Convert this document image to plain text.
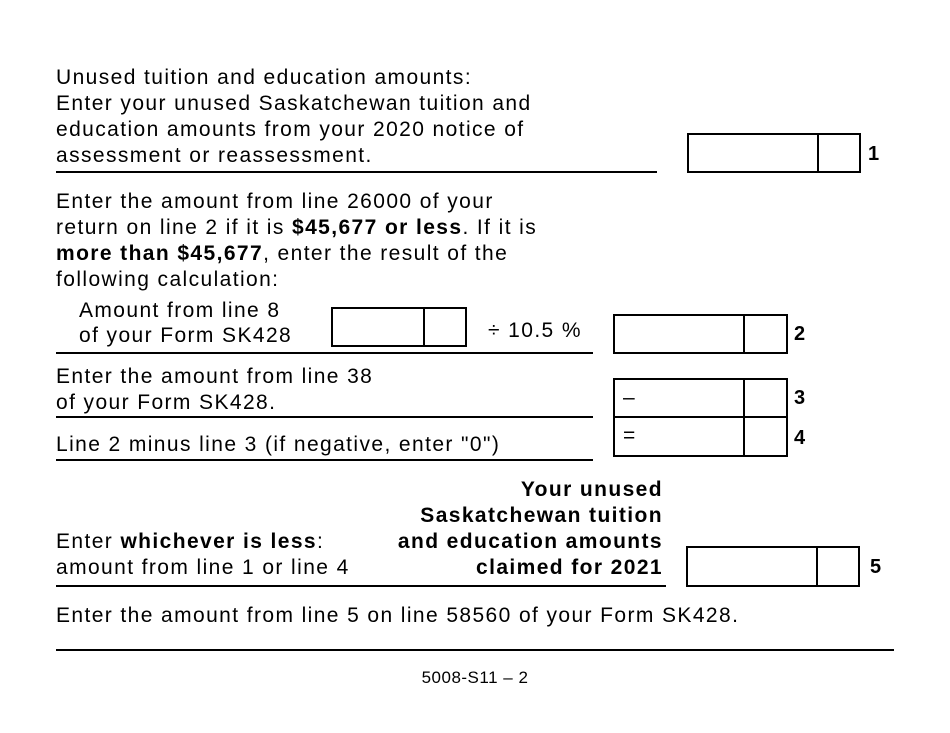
Unused tuition and education amounts:
Enter your unused Saskatchewan tuition and
education amounts from your 2020 notice of
assessment or reassessment.	1
Enter the amount from line 26000 of your
return on line 2 if it is $45,677 or less. If it is
more than $45,677, enter the result of the
following calculation:
Amount from line 8
of your Form SK428	÷ 10.5 %	2
Enter the amount from line 38
of your Form SK428.	–	3
Line 2 minus line 3 (if negative, enter "0")	=	4
Enter whichever is less:
amount from line 1 or line 4
Your unused
Saskatchewan tuition
and education amounts
claimed for 2021	5
Enter the amount from line 5 on line 58560 of your Form SK428.
5008-S11 – 2
